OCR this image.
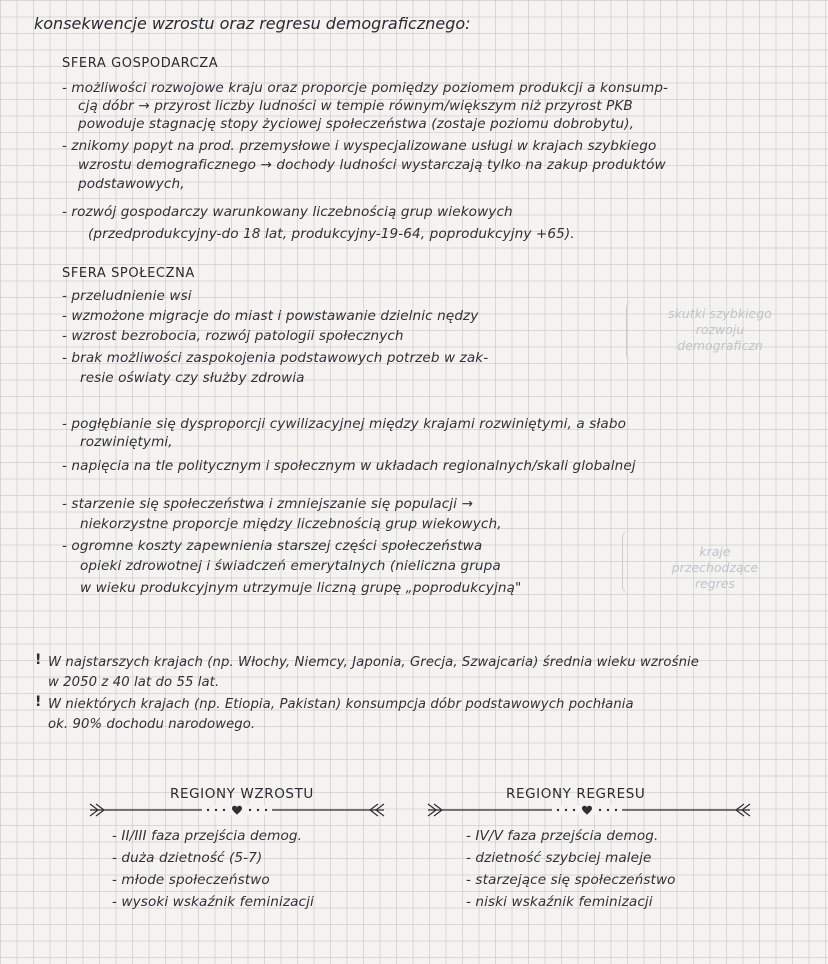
konsekwencje wzrostu oraz regresu demograficznego:
SFERA GOSPODARCZA
- możliwości rozwojowe kraju oraz proporcje pomiędzy poziomem produkcji a konsump-
cją dóbr → przyrost liczby ludności w tempie równym/większym niż przyrost PKB
powoduje stagnację stopy życiowej społeczeństwa (zostaje poziomu dobrobytu),
- znikomy popyt na prod. przemysłowe i wyspecjalizowane usługi w krajach szybkiego
wzrostu demograficznego → dochody ludności wystarczają tylko na zakup produktów
podstawowych,
- rozwój gospodarczy warunkowany liczebnością grup wiekowych
(przedprodukcyjny-do 18 lat, produkcyjny-19-64, poprodukcyjny +65).
SFERA SPOŁECZNA
- przeludnienie wsi
- wzmożone migracje do miast i powstawanie dzielnic nędzy
- wzrost bezrobocia, rozwój patologii społecznych
- brak możliwości zaspokojenia podstawowych potrzeb w zak-
resie oświaty czy służby zdrowia
skutki szybkiego
rozwoju
demograficzn
- pogłębianie się dysproporcji cywilizacyjnej między krajami rozwiniętymi, a słabo
rozwiniętymi,
- napięcia na tle politycznym i społecznym w układach regionalnych/skali globalnej
- starzenie się społeczeństwa i zmniejszanie się populacji →
niekorzystne proporcje między liczebnością grup wiekowych,
- ogromne koszty zapewnienia starszej części społeczeństwa
opieki zdrowotnej i świadczeń emerytalnych (nieliczna grupa
w wieku produkcyjnym utrzymuje liczną grupę „poprodukcyjną"
kraje
przechodzące
regres
! W najstarszych krajach (np. Włochy, Niemcy, Japonia, Grecja, Szwajcaria) średnia wieku wzrośnie
w 2050 z 40 lat do 55 lat.
! W niektórych krajach (np. Etiopia, Pakistan) konsumpcja dóbr podstawowych pochłania
ok. 90% dochodu narodowego.
REGIONY WZROSTU	REGIONY REGRESU
- II/III faza przejścia demog.
- duża dzietność (5-7)
- młode społeczeństwo
- wysoki wskaźnik feminizacji
- IV/V faza przejścia demog.
- dzietność szybciej maleje
- starzejące się społeczeństwo
- niski wskaźnik feminizacji
